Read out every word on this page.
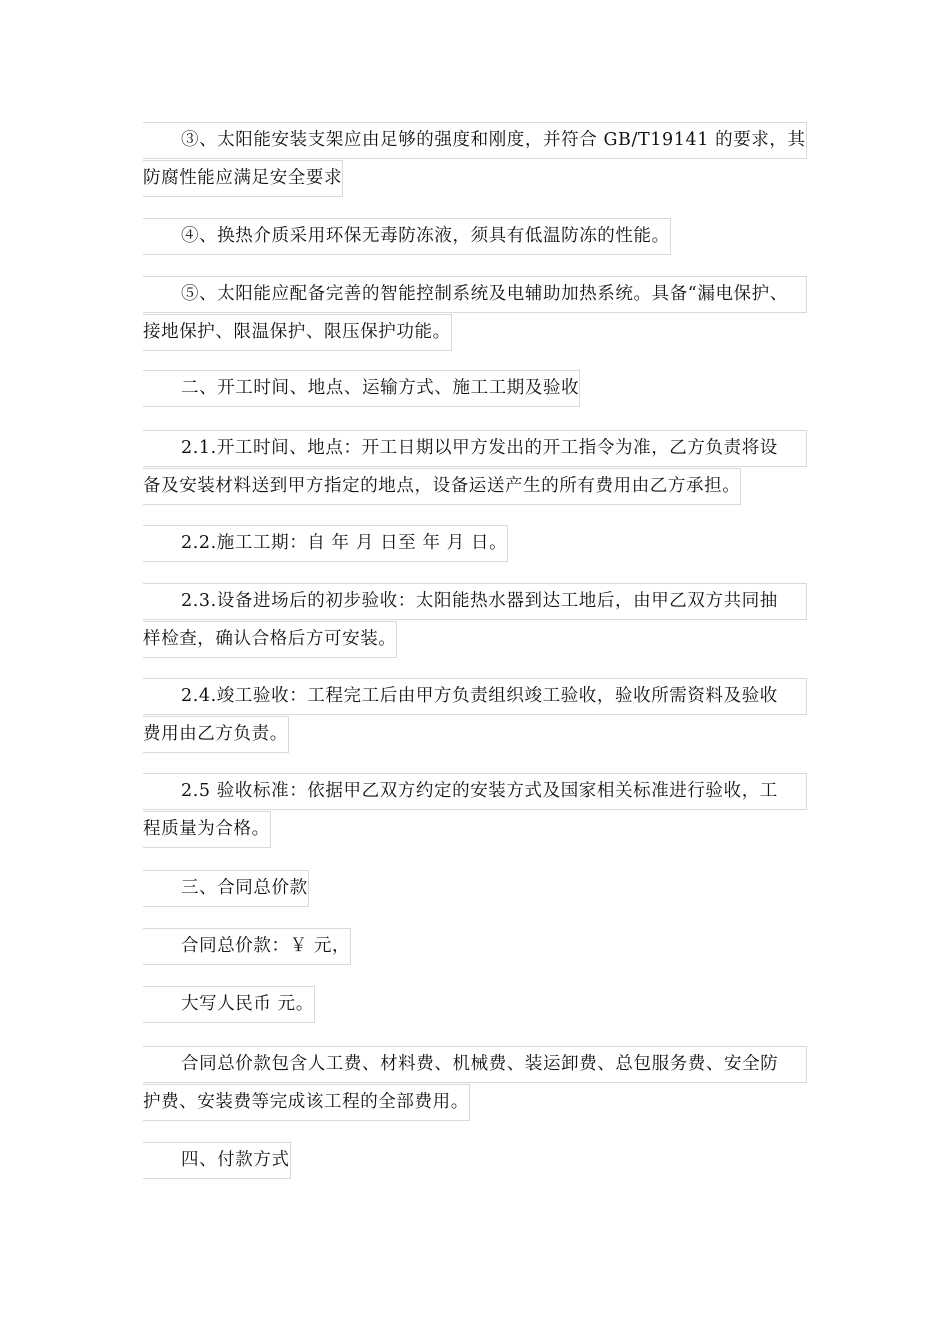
③、太阳能安装支架应由足够的强度和刚度，并符合 GB/T19141 的要求，其
防腐性能应满足安全要求
④、换热介质采用环保无毒防冻液，须具有低温防冻的性能。
⑤、太阳能应配备完善的智能控制系统及电辅助加热系统。具备“漏电保护、
接地保护、限温保护、限压保护功能。
二、开工时间、地点、运输方式、施工工期及验收
2.1.开工时间、地点：开工日期以甲方发出的开工指令为准，乙方负责将设
备及安装材料送到甲方指定的地点，设备运送产生的所有费用由乙方承担。
2.2.施工工期：自 年 月 日至 年 月 日。
2.3.设备进场后的初步验收：太阳能热水器到达工地后，由甲乙双方共同抽
样检查，确认合格后方可安装。
2.4.竣工验收：工程完工后由甲方负责组织竣工验收，验收所需资料及验收
费用由乙方负责。
2.5 验收标准：依据甲乙双方约定的安装方式及国家相关标准进行验收，工
程质量为合格。
三、合同总价款
合同总价款：￥ 元，
大写人民币 元。
合同总价款包含人工费、材料费、机械费、装运卸费、总包服务费、安全防
护费、安装费等完成该工程的全部费用。
四、付款方式
